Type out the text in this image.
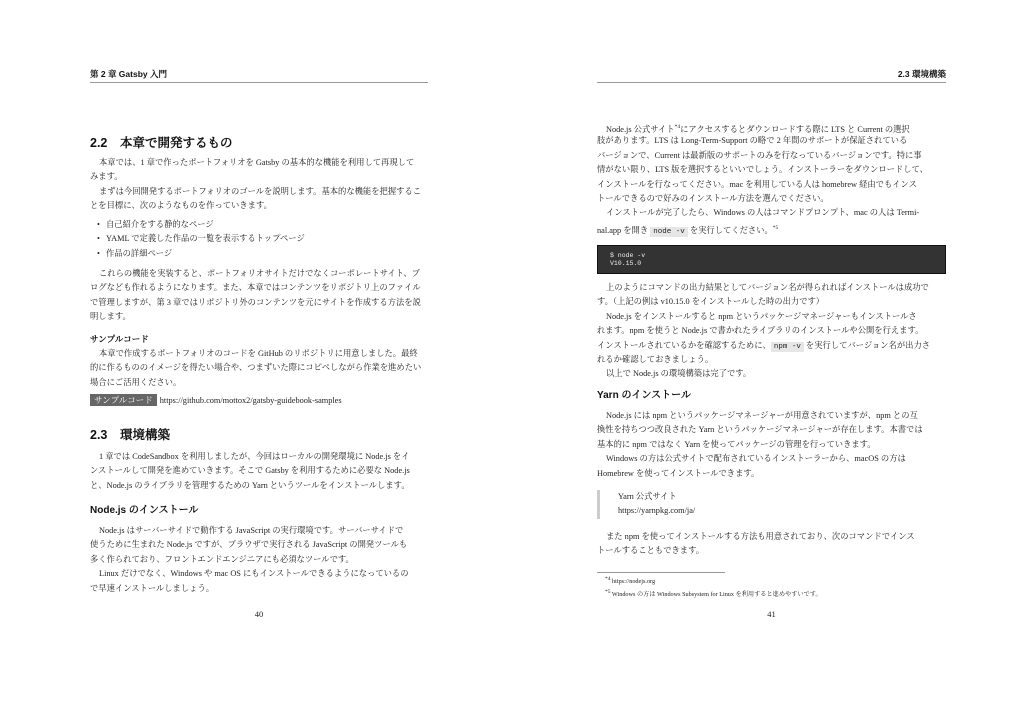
第 2 章 Gatsby 入門
2.2 本章で開発するもの
本章では、1 章で作ったポートフォリオを Gatsby の基本的な機能を利用して再現して
みます。
まずは今回開発するポートフォリオのゴールを説明します。基本的な機能を把握するこ
とを目標に、次のようなものを作っていきます。
• 自己紹介をする静的なページ
• YAML で定義した作品の一覧を表示するトップページ
• 作品の詳細ページ
これらの機能を実装すると、ポートフォリオサイトだけでなくコーポレートサイト、ブ
ログなども作れるようになります。また、本章ではコンテンツをリポジトリ上のファイル
で管理しますが、第 3 章ではリポジトリ外のコンテンツを元にサイトを作成する方法を説
明します。
サンプルコード
本章で作成するポートフォリオのコードを GitHub のリポジトリに用意しました。最終
的に作るもののイメージを得たい場合や、つまずいた際にコピペしながら作業を進めたい
場合にご活用ください。
サンプルコード https://github.com/mottox2/gatsby-guidebook-samples
2.3 環境構築
1 章では CodeSandbox を利用しましたが、今回はローカルの開発環境に Node.js をイ
ンストールして開発を進めていきます。そこで Gatsby を利用するために必要な Node.js
と、Node.js のライブラリを管理するための Yarn というツールをインストールします。
Node.js のインストール
Node.js はサーバーサイドで動作する JavaScript の実行環境です。サーバーサイドで
使うために生まれた Node.js ですが、ブラウザで実行される JavaScript の開発ツールも
多く作られており、フロントエンドエンジニアにも必須なツールです。
Linux だけでなく、Windows や mac OS にもインストールできるようになっているの
で早速インストールしましょう。
40
2.3 環境構築
Node.js 公式サイト$^{*4}$にアクセスするとダウンロードする際に LTS と Current の選択
肢があります。LTS は Long-Term-Support の略で 2 年間のサポートが保証されている
バージョンで、Current は最新版のサポートのみを行なっているバージョンです。特に事
情がない限り、LTS 版を選択するといいでしょう。インストーラーをダウンロードして、
インストールを行なってください。mac を利用している人は homebrew 経由でもインス
トールできるので好みのインストール方法を選んでください。
インストールが完了したら、Windows の人はコマンドプロンプト、mac の人は Termi-
nal.app を開き node -v を実行してください。$^{*5}$
$ node -v
V10.15.0
上のようにコマンドの出力結果としてバージョン名が得られればインストールは成功で
す。（上記の例は v10.15.0 をインストールした時の出力です）
Node.js をインストールすると npm というパッケージマネージャーもインストールさ
れます。npm を使うと Node.js で書かれたライブラリのインストールや公開を行えます。
インストールされているかを確認するために、 npm -v を実行してバージョン名が出力さ
れるか確認しておきましょう。
以上で Node.js の環境構築は完了です。
Yarn のインストール
Node.js には npm というパッケージマネージャーが用意されていますが、npm との互
換性を持ちつつ改良された Yarn というパッケージマネージャーが存在します。本書では
基本的に npm ではなく Yarn を使ってパッケージの管理を行っていきます。
Windows の方は公式サイトで配布されているインストーラーから、macOS の方は
Homebrew を使ってインストールできます。
Yarn 公式サイト
https://yarnpkg.com/ja/
また npm を使ってインストールする方法も用意されており、次のコマンドでインス
トールすることもできます。
$^{*4}$ https://nodejs.org
$^{*5}$ Windows の方は Windows Subsystem for Linux を利用すると進めやすいです。
41
